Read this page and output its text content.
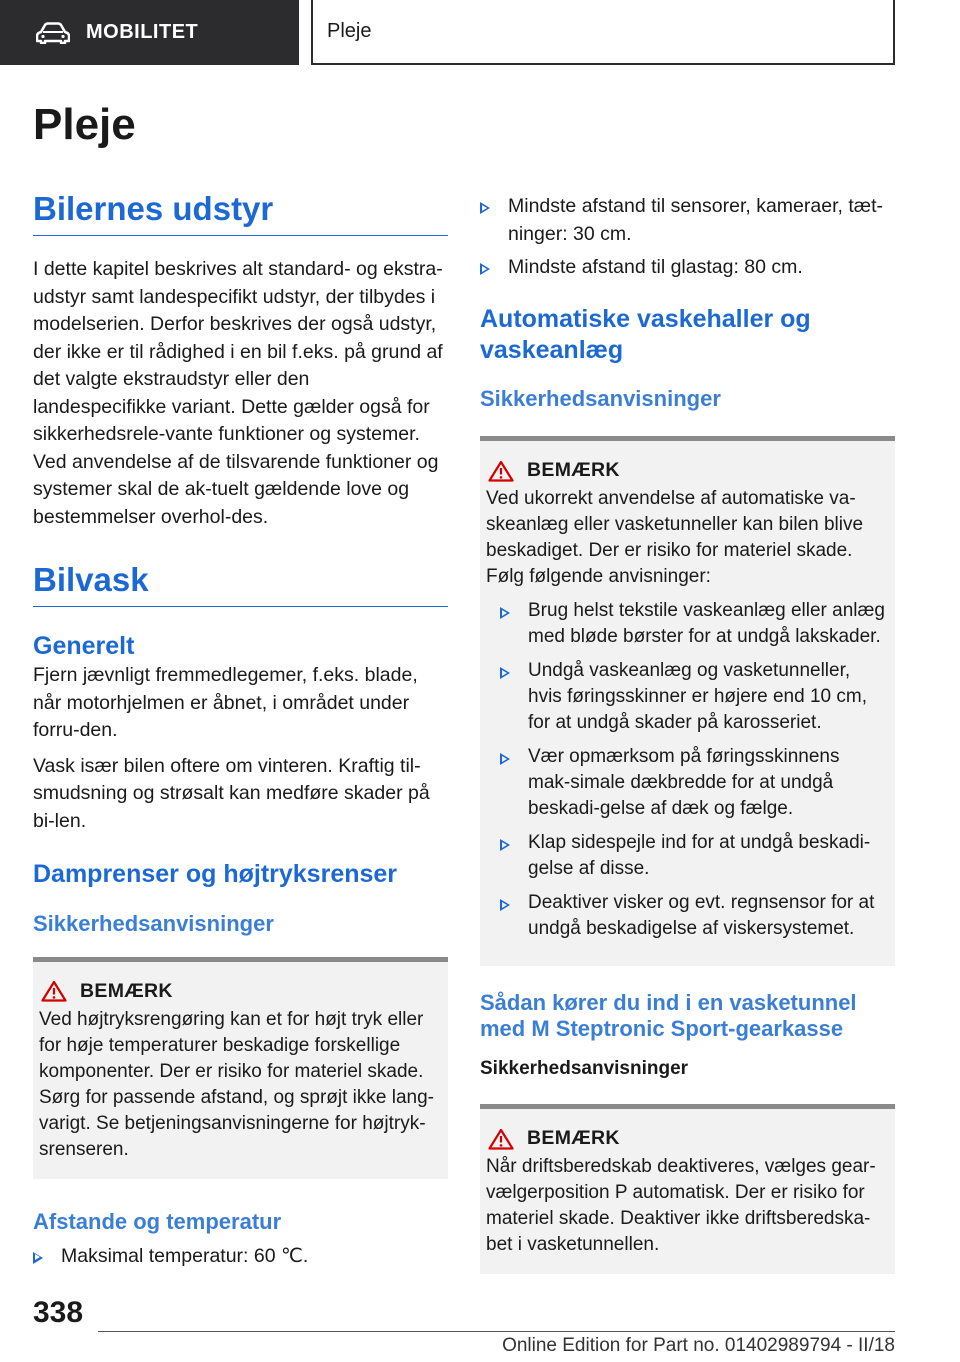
MOBILITET	Pleje
Pleje
Bilernes udstyr

I dette kapitel beskrives alt standard- og ekstra-udstyr samt landespecifikt udstyr, der tilbydes i modelserien. Derfor beskrives der også udstyr, der ikke er til rådighed i en bil f.eks. på grund af det valgte ekstraudstyr eller den landespecifikke variant. Dette gælder også for sikkerhedsrele-vante funktioner og systemer. Ved anvendelse af de tilsvarende funktioner og systemer skal de ak-tuelt gældende love og bestemmelser overhol-des.

Bilvask
Generelt

Fjern jævnligt fremmedlegemer, f.eks. blade, når motorhjelmen er åbnet, i området under forru-den.

Vask især bilen oftere om vinteren. Kraftig til-smudsning og strøsalt kan medføre skader på bi-len.

Damprenser og højtryksrenser
Sikkerhedsanvisninger
BEMÆRK

Ved højtryksrengøring kan et for højt tryk eller for høje temperaturer beskadige forskellige komponenter. Der er risiko for materiel skade. Sørg for passende afstand, og sprøjt ikke lang-varigt. Se betjeningsanvisningerne for højtryk-srenseren.

Afstande og temperatur
Maksimal temperatur: 60 ℃.
Mindste afstand til sensorer, kameraer, tæt-ninger: 30 cm.
Mindste afstand til glastag: 80 cm.
Automatiske vaskehaller og vaskeanlæg
Sikkerhedsanvisninger
BEMÆRK

Ved ukorrekt anvendelse af automatiske va-skeanlæg eller vasketunneller kan bilen blive beskadiget. Der er risiko for materiel skade. Følg følgende anvisninger:

Brug helst tekstile vaskeanlæg eller anlæg med bløde børster for at undgå lakskader.
Undgå vaskeanlæg og vasketunneller, hvis føringsskinner er højere end 10 cm, for at undgå skader på karosseriet.
Vær opmærksom på føringsskinnens mak-simale dækbredde for at undgå beskadi-gelse af dæk og fælge.
Klap sidespejle ind for at undgå beskadi-gelse af disse.
Deaktiver visker og evt. regnsensor for at undgå beskadigelse af viskersystemet.
Sådan kører du ind i en vasketunnel med M Steptronic Sport-gearkasse
Sikkerhedsanvisninger
BEMÆRK

Når driftsberedskab deaktiveres, vælges gear-vælgerposition P automatisk. Der er risiko for materiel skade. Deaktiver ikke driftsberedska-bet i vasketunnellen.

338
Online Edition for Part no. 01402989794 - II/18
